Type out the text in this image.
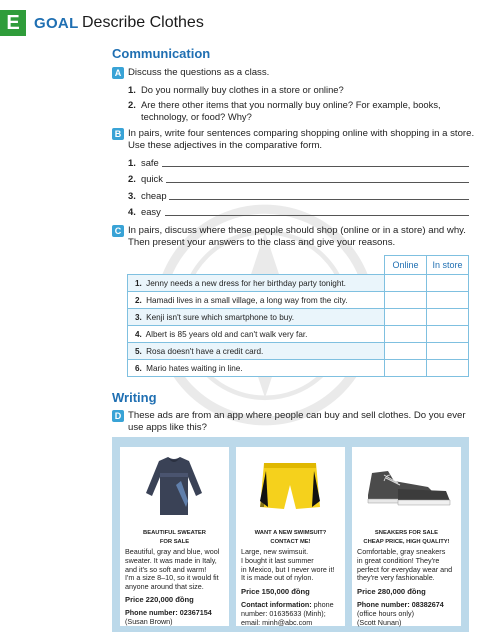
E GOAL Describe Clothes
Communication
A Discuss the questions as a class.
1. Do you normally buy clothes in a store or online?
2. Are there other items that you normally buy online? For example, books,
technology, or food? Why?
B In pairs, write four sentences comparing shopping online with shopping in a store.
Use these adjectives in the comparative form.
1. safe
2. quick
3. cheap
4. easy
C In pairs, discuss where these people should shop (online or in a store) and why.
Then present your answers to the class and give your reasons.
	Online	In store
1. Jenny needs a new dress for her birthday party tonight.		
2. Hamadi lives in a small village, a long way from the city.		
3. Kenji isn't sure which smartphone to buy.		
4. Albert is 85 years old and can't walk very far.		
5. Rosa doesn't have a credit card.		
6. Mario hates waiting in line.		
Writing
D These ads are from an app where people can buy and sell clothes. Do you ever
use apps like this?
BEAUTIFUL SWEATER
FOR SALE
Beautiful, gray and blue, wool
sweater. It was made in Italy,
and it's so soft and warm!
I'm a size 8–10, so it would fit
anyone around that size.
Price 220,000 đồng
Phone number: 02367154
(Susan Brown)
WANT A NEW SWIMSUIT?
CONTACT ME!
Large, new swimsuit.
I bought it last summer
in Mexico, but I never wore it!
It is made out of nylon.
Price 150,000 đồng
Contact information: phone
number: 01635633 (Minh);
email: minh@abc.com
SNEAKERS FOR SALE
CHEAP PRICE, HIGH QUALITY!
Comfortable, gray sneakers
in great condition! They're
perfect for everyday wear and
they're very fashionable.
Price 280,000 đồng
Phone number: 08382674
(office hours only)
(Scott Nunan)
